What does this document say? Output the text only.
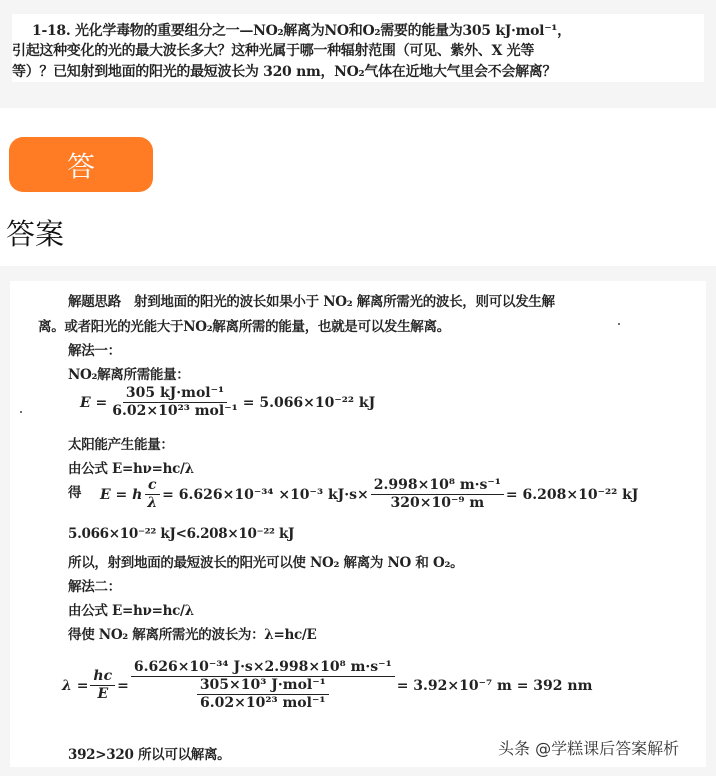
1-18. 光化学毒物的重要组分之一—NO₂解离为NO和O₂需要的能量为305 kJ·mol⁻¹，
引起这种变化的光的最大波长多大？这种光属于哪一种辐射范围（可见、紫外、X 光等
等）？已知射到地面的阳光的最短波长为 320 nm，NO₂气体在近地大气里会不会解离？
答
答案
解题思路　射到地面的阳光的波长如果小于 NO₂ 解离所需光的波长，则可以发生解
离。或者阳光的光能大于NO₂解离所需的能量，也就是可以发生解离。
解法一：
NO₂解离所需能量：
$E = \frac{\text{305 kJ·mol⁻¹}}{\text{6.02×10²³ mol⁻¹}} = 5.066\times 10^{-22}$ kJ
太阳能产生能量：
由公式 E=hν=hc/λ
得 E = h $\frac{c}{\lambda} = 6.626\times 10^{-34} \times 10^{-3}$ $kJ\cdot s\times \frac{\text{2.998×10⁸ m·s⁻¹}}{\text{320×10⁻⁹ m}} = 6.208\times 10^{-22}$ kJ
5.066×10⁻²² kJ<6.208×10⁻²² kJ
所以，射到地面的最短波长的阳光可以使 NO₂ 解离为 NO 和 O₂。
解法二：
由公式 E=hν=hc/λ
得使 NO₂ 解离所需光的波长为：λ=hc/E
$\lambda = \frac{hc}{E} = \frac{\text{6.626×10⁻³⁴ J·s×2.998×10⁸ m·s⁻¹}}{\frac{\text{305×10³ J·mol⁻¹}}{\text{6.02×10²³ mol⁻¹}}} = 3.92\times 10^{-7}$ m = 392 nm
392>320 所以可以解离。	头条 @学糕课后答案解析
